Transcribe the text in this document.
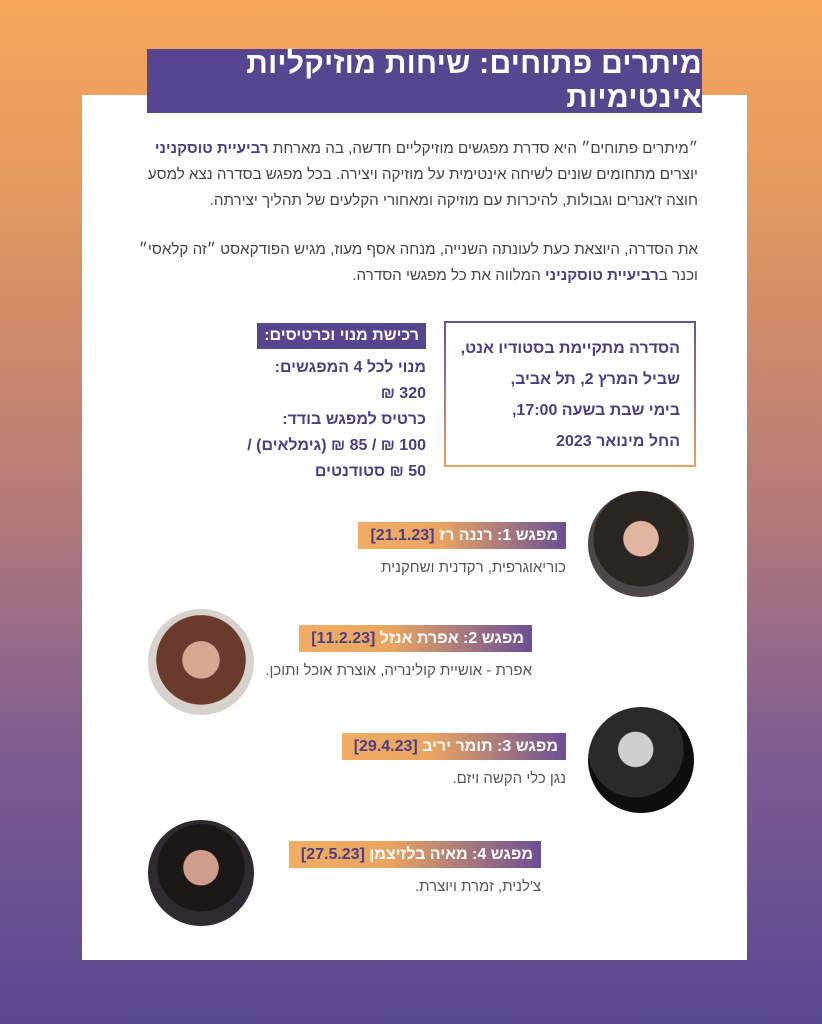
מיתרים פתוחים: שיחות מוזיקליות אינטימיות
״מיתרים פתוחים״ היא סדרת מפגשים מוזיקליים חדשה, בה מארחת רביעיית טוסקניני יוצרים מתחומים שונים לשיחה אינטימית על מוזיקה ויצירה. בכל מפגש בסדרה נצא למסע חוצה ז'אנרים וגבולות, להיכרות עם מוזיקה ומאחורי הקלעים של תהליך יצירתה.
את הסדרה, היוצאת כעת לעונתה השנייה, מנחה אסף מעוז, מגיש הפודקאסט ״זה קלאסי״ וכנר ברביעיית טוסקניני המלווה את כל מפגשי הסדרה.
הסדרה מתקיימת בסטודיו אנט,
שביל המרץ 2, תל אביב,
בימי שבת בשעה 17:00,
החל מינואר 2023
רכישת מנוי וכרטיסים:
מנוי לכל 4 המפגשים: 320 ₪
כרטיס למפגש בודד:
100 ₪ / 85 ₪ (גימלאים) /
50 ₪ סטודנטים
מפגש 1: רננה רז [21.1.23]
כוריאוגרפית, רקדנית ושחקנית
מפגש 2: אפרת אנזל [11.2.23]
אפרת - אושיית קולינריה, אוצרת אוכל ותוכן.
מפגש 3: תומר יריב [29.4.23]
נגן כלי הקשה ויזם.
מפגש 4: מאיה בלזיצמן [27.5.23]
צ'לנית, זמרת ויוצרת.
